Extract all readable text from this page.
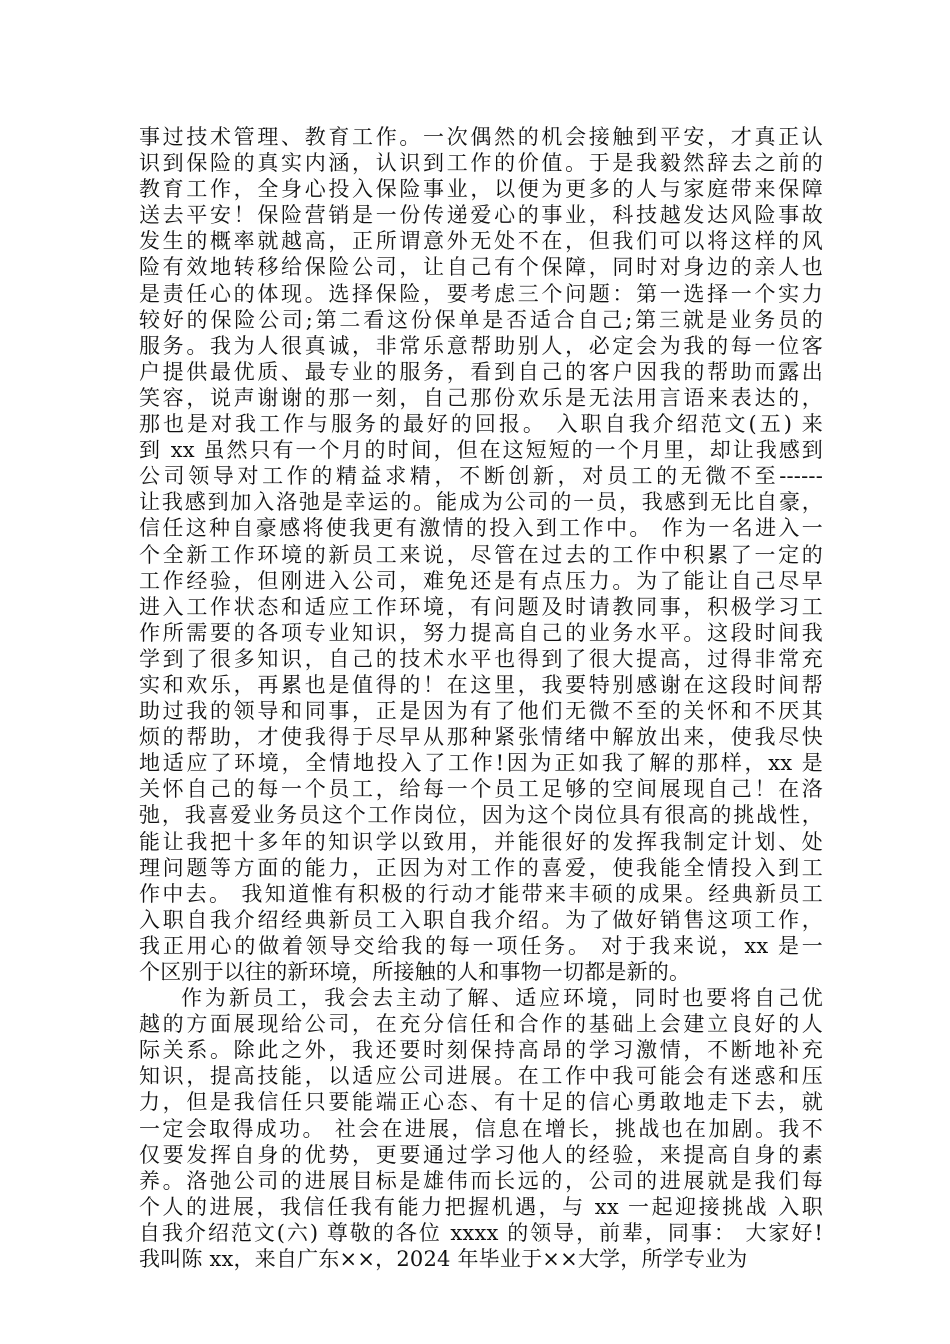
事过技术管理、教育工作。一次偶然的机会接触到平安，才真正认
识到保险的真实内涵，认识到工作的价值。于是我毅然辞去之前的
教育工作，全身心投入保险事业，以便为更多的人与家庭带来保障
送去平安！保险营销是一份传递爱心的事业，科技越发达风险事故
发生的概率就越高，正所谓意外无处不在，但我们可以将这样的风
险有效地转移给保险公司，让自己有个保障，同时对身边的亲人也
是责任心的体现。选择保险，要考虑三个问题：第一选择一个实力
较好的保险公司;第二看这份保单是否适合自己;第三就是业务员的
服务。我为人很真诚，非常乐意帮助别人，必定会为我的每一位客
户提供最优质、最专业的服务，看到自己的客户因我的帮助而露出
笑容，说声谢谢的那一刻，自己那份欢乐是无法用言语来表达的，
那也是对我工作与服务的最好的回报。 入职自我介绍范文(五) 来
到 xx 虽然只有一个月的时间，但在这短短的一个月里，却让我感到
公司领导对工作的精益求精，不断创新，对员工的无微不至------
让我感到加入洛弛是幸运的。能成为公司的一员，我感到无比自豪，
信任这种自豪感将使我更有激情的投入到工作中。 作为一名进入一
个全新工作环境的新员工来说，尽管在过去的工作中积累了一定的
工作经验，但刚进入公司，难免还是有点压力。为了能让自己尽早
进入工作状态和适应工作环境，有问题及时请教同事，积极学习工
作所需要的各项专业知识，努力提高自己的业务水平。这段时间我
学到了很多知识，自己的技术水平也得到了很大提高，过得非常充
实和欢乐，再累也是值得的！在这里，我要特别感谢在这段时间帮
助过我的领导和同事，正是因为有了他们无微不至的关怀和不厌其
烦的帮助，才使我得于尽早从那种紧张情绪中解放出来，使我尽快
地适应了环境，全情地投入了工作!因为正如我了解的那样，xx 是
关怀自己的每一个员工，给每一个员工足够的空间展现自己！在洛
弛，我喜爱业务员这个工作岗位，因为这个岗位具有很高的挑战性，
能让我把十多年的知识学以致用，并能很好的发挥我制定计划、处
理问题等方面的能力，正因为对工作的喜爱，使我能全情投入到工
作中去。 我知道惟有积极的行动才能带来丰硕的成果。经典新员工
入职自我介绍经典新员工入职自我介绍。为了做好销售这项工作，
我正用心的做着领导交给我的每一项任务。 对于我来说，xx 是一
个区别于以往的新环境，所接触的人和事物一切都是新的。
作为新员工，我会去主动了解、适应环境，同时也要将自己优
越的方面展现给公司，在充分信任和合作的基础上会建立良好的人
际关系。除此之外，我还要时刻保持高昂的学习激情，不断地补充
知识，提高技能，以适应公司进展。在工作中我可能会有迷惑和压
力，但是我信任只要能端正心态、有十足的信心勇敢地走下去，就
一定会取得成功。 社会在进展，信息在增长，挑战也在加剧。我不
仅要发挥自身的优势，更要通过学习他人的经验，来提高自身的素
养。洛弛公司的进展目标是雄伟而长远的，公司的进展就是我们每
个人的进展，我信任我有能力把握机遇，与 xx 一起迎接挑战 入职
自我介绍范文(六) 尊敬的各位 xxxx 的领导，前辈，同事： 大家好!
我叫陈 xx，来自广东××，2024 年毕业于××大学，所学专业为
